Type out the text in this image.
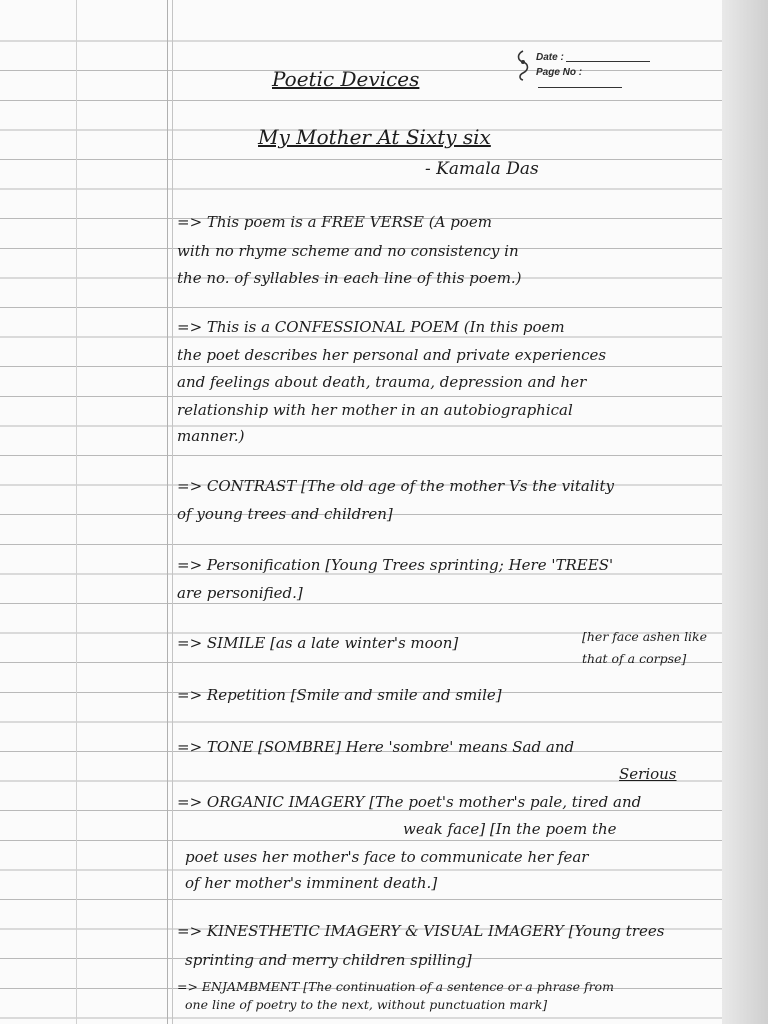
Date :
Page No :
Poetic Devices
My Mother At Sixty six
- Kamala Das
=> This poem is a FREE VERSE (A poem
with no rhyme scheme and no consistency in
the no. of syllables in each line of this poem.)
=> This is a CONFESSIONAL POEM (In this poem
the poet describes her personal and private experiences
and feelings about death, trauma, depression and her
relationship with her mother in an autobiographical
manner.)
=> CONTRAST [The old age of the mother Vs the vitality
of young trees and children]
=> Personification [Young Trees sprinting; Here 'TREES'
are personified.]
=> SIMILE [as a late winter's moon]	[her face ashen like
that of a corpse]
=> Repetition [Smile and smile and smile]
=> TONE [SOMBRE] Here 'sombre' means Sad and
Serious
=> ORGANIC IMAGERY [The poet's mother's pale, tired and
weak face] [In the poem the
poet uses her mother's face to communicate her fear
of her mother's imminent death.]
=> KINESTHETIC IMAGERY & VISUAL IMAGERY [Young trees
sprinting and merry children spilling]
=> ENJAMBMENT [The continuation of a sentence or a phrase from
one line of poetry to the next, without punctuation mark]
